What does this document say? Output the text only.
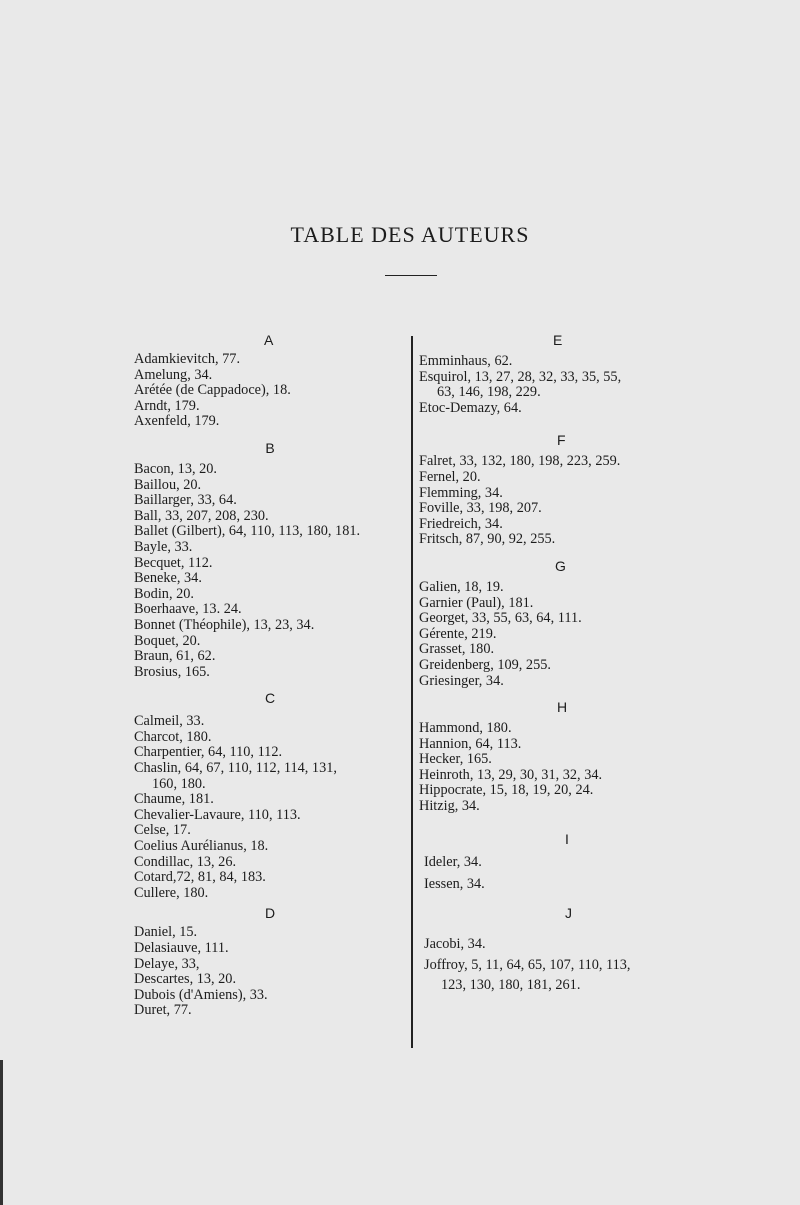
TABLE DES AUTEURS
A
Adamkievitch, 77.
Amelung, 34.
Arétée (de Cappadoce), 18.
Arndt, 179.
Axenfeld, 179.
B
Bacon, 13, 20.
Baillou, 20.
Baillarger, 33, 64.
Ball, 33, 207, 208, 230.
Ballet (Gilbert), 64, 110, 113, 180, 181.
Bayle, 33.
Becquet, 112.
Beneke, 34.
Bodin, 20.
Boerhaave, 13. 24.
Bonnet (Théophile), 13, 23, 34.
Boquet, 20.
Braun, 61, 62.
Brosius, 165.
C
Calmeil, 33.
Charcot, 180.
Charpentier, 64, 110, 112.
Chaslin, 64, 67, 110, 112, 114, 131,
160, 180.
Chaume, 181.
Chevalier-Lavaure, 110, 113.
Celse, 17.
Coelius Aurélianus, 18.
Condillac, 13, 26.
Cotard,72, 81, 84, 183.
Cullere, 180.
D
Daniel, 15.
Delasiauve, 111.
Delaye, 33,
Descartes, 13, 20.
Dubois (d'Amiens), 33.
Duret, 77.
E
Emminhaus, 62.
Esquirol, 13, 27, 28, 32, 33, 35, 55,
63, 146, 198, 229.
Etoc-Demazy, 64.
F
Falret, 33, 132, 180, 198, 223, 259.
Fernel, 20.
Flemming, 34.
Foville, 33, 198, 207.
Friedreich, 34.
Fritsch, 87, 90, 92, 255.
G
Galien, 18, 19.
Garnier (Paul), 181.
Georget, 33, 55, 63, 64, 111.
Gérente, 219.
Grasset, 180.
Greidenberg, 109, 255.
Griesinger, 34.
H
Hammond, 180.
Hannion, 64, 113.
Hecker, 165.
Heinroth, 13, 29, 30, 31, 32, 34.
Hippocrate, 15, 18, 19, 20, 24.
Hitzig, 34.
I
Ideler, 34.
Iessen, 34.
J
Jacobi, 34.
Joffroy, 5, 11, 64, 65, 107, 110, 113,
123, 130, 180, 181, 261.
